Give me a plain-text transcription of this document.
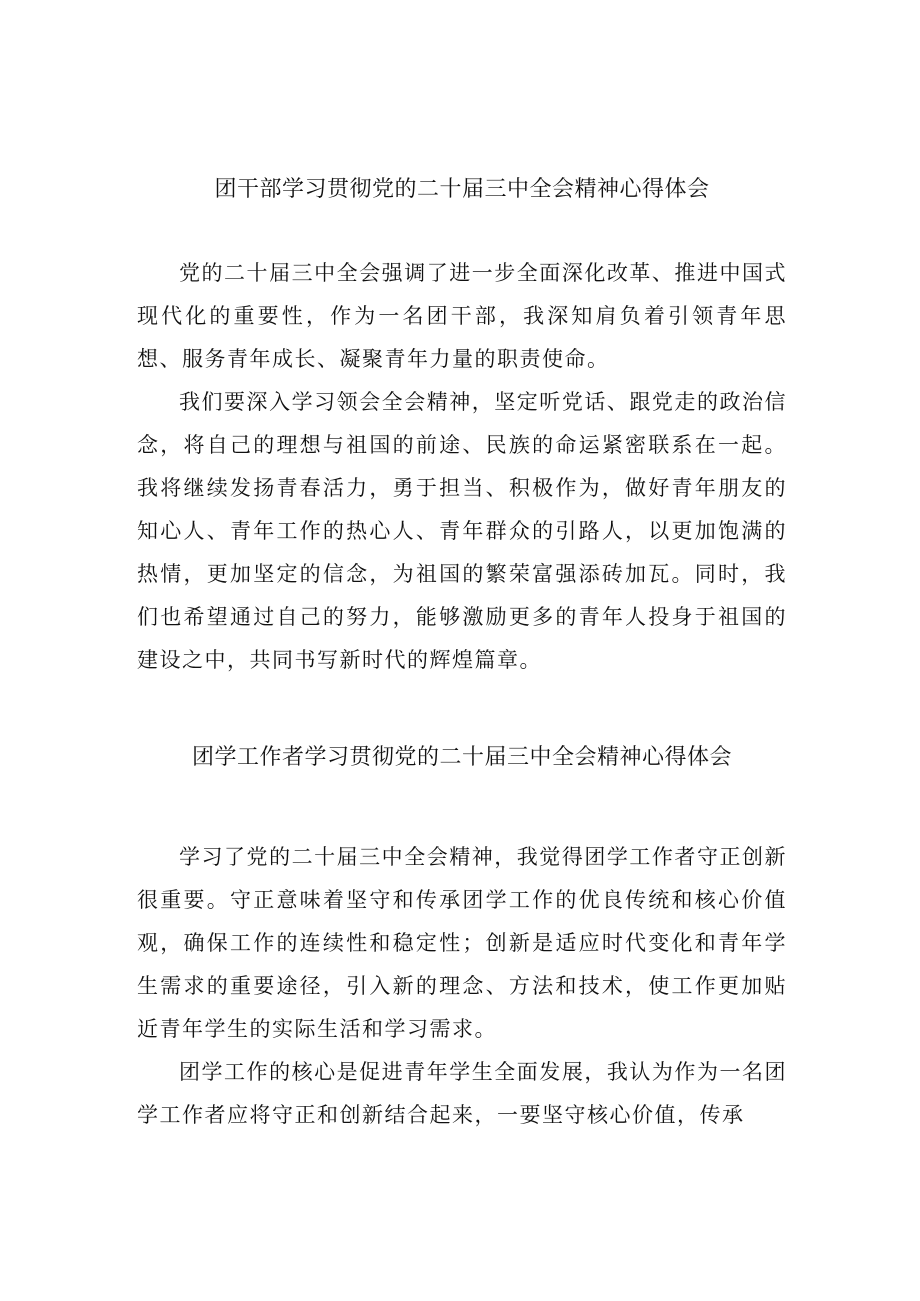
团干部学习贯彻党的二十届三中全会精神心得体会

党的二十届三中全会强调了进一步全面深化改革、推进中国式现代化的重要性，作为一名团干部，我深知肩负着引领青年思想、服务青年成长、凝聚青年力量的职责使命。

我们要深入学习领会全会精神，坚定听党话、跟党走的政治信念，将自己的理想与祖国的前途、民族的命运紧密联系在一起。我将继续发扬青春活力，勇于担当、积极作为，做好青年朋友的知心人、青年工作的热心人、青年群众的引路人，以更加饱满的热情，更加坚定的信念，为祖国的繁荣富强添砖加瓦。同时，我们也希望通过自己的努力，能够激励更多的青年人投身于祖国的建设之中，共同书写新时代的辉煌篇章。

团学工作者学习贯彻党的二十届三中全会精神心得体会

学习了党的二十届三中全会精神，我觉得团学工作者守正创新很重要。守正意味着坚守和传承团学工作的优良传统和核心价值观，确保工作的连续性和稳定性；创新是适应时代变化和青年学生需求的重要途径，引入新的理念、方法和技术，使工作更加贴近青年学生的实际生活和学习需求。

团学工作的核心是促进青年学生全面发展，我认为作为一名团学工作者应将守正和创新结合起来，一要坚守核心价值，传承
